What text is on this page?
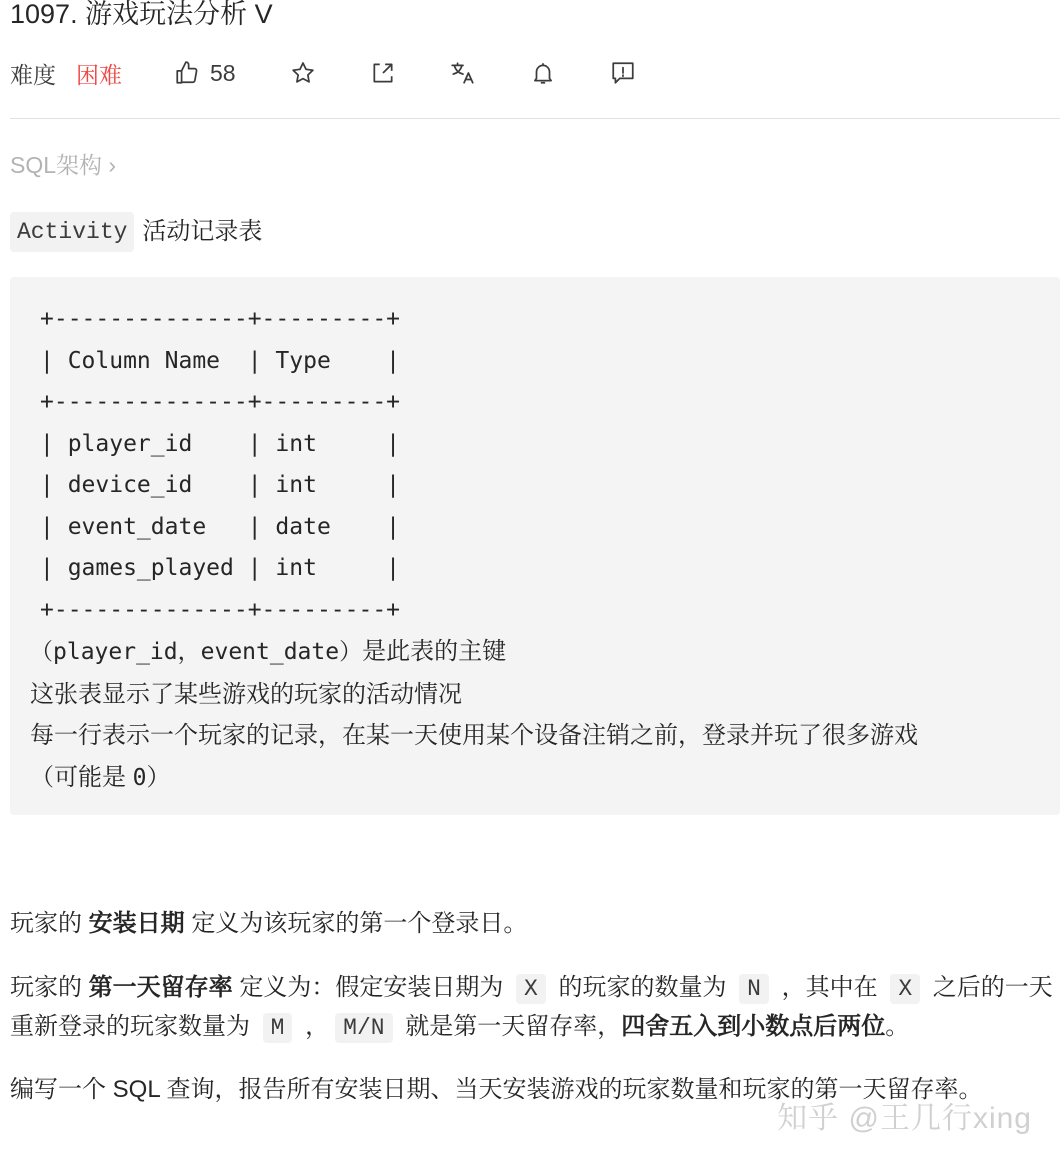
1097. 游戏玩法分析 V
难度 困难	58
SQL架构 ›
Activity 活动记录表
+--------------+---------+
| Column Name  | Type    |
+--------------+---------+
| player_id    | int     |
| device_id    | int     |
| event_date   | date    |
| games_played | int     |
+--------------+---------+
（player_id，event_date）是此表的主键
这张表显示了某些游戏的玩家的活动情况
每一行表示一个玩家的记录，在某一天使用某个设备注销之前，登录并玩了很多游戏
（可能是 0）
玩家的 安装日期 定义为该玩家的第一个登录日。
玩家的 第一天留存率 定义为：假定安装日期为 X 的玩家的数量为 N ，其中在 X 之后的一天重新登录的玩家数量为 M ， M/N 就是第一天留存率，四舍五入到小数点后两位。
编写一个 SQL 查询，报告所有安装日期、当天安装游戏的玩家数量和玩家的第一天留存率。
知乎 @王几行xing
